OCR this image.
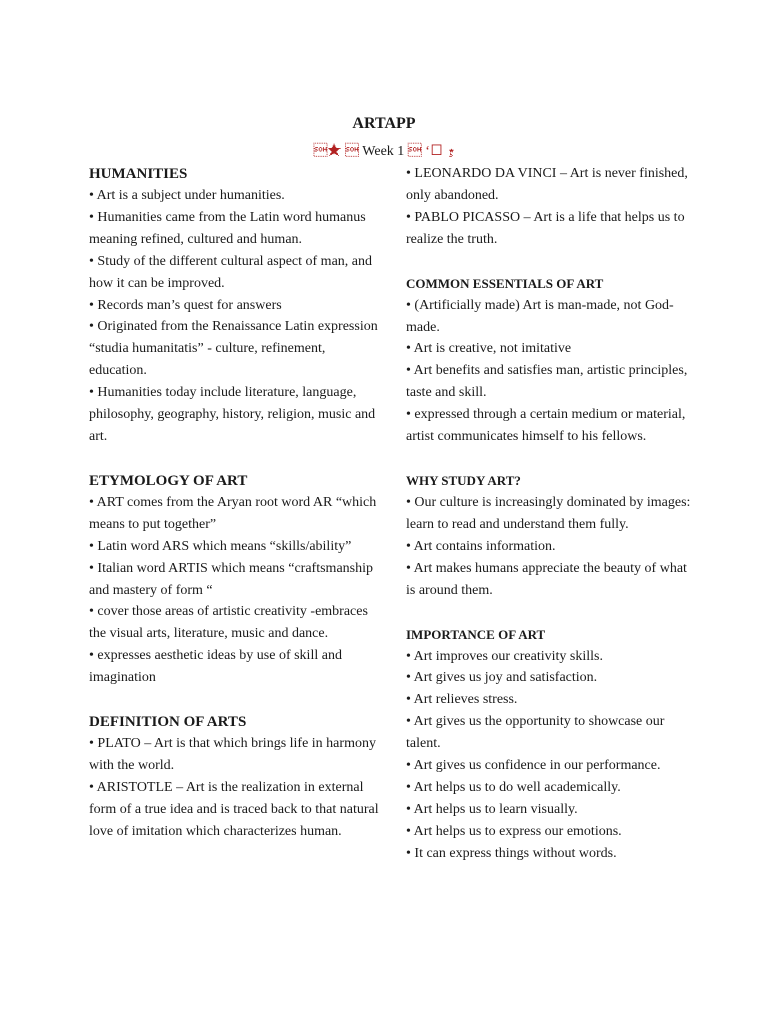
ARTAPP
★  Week 1  ʻ☐ ⋆̧

HUMANITIES

• Art is a subject under humanities.

• Humanities came from the Latin word humanus meaning refined, cultured and human.

• Study of the different cultural aspect of man, and how it can be improved.

• Records man’s quest for answers

• Originated from the Renaissance Latin expression “studia humanitatis” - culture, refinement, education.

• Humanities today include literature, language, philosophy, geography, history, religion, music and art.

ETYMOLOGY OF ART

• ART comes from the Aryan root word AR “which means to put together”

• Latin word ARS which means “skills/ability”

• Italian word ARTIS which means “craftsmanship and mastery of form “

• cover those areas of artistic creativity -embraces the visual arts, literature, music and dance.

• expresses aesthetic ideas by use of skill and imagination

DEFINITION OF ARTS

• PLATO – Art is that which brings life in harmony with the world.

• ARISTOTLE – Art is the realization in external form of a true idea and is traced back to that natural love of imitation which characterizes human.

• LEONARDO DA VINCI – Art is never finished, only abandoned.

• PABLO PICASSO – Art is a life that helps us to realize the truth.

COMMON ESSENTIALS OF ART

• (Artificially made) Art is man-made, not God-made.

• Art is creative, not imitative

• Art benefits and satisfies man, artistic principles, taste and skill.

• expressed through a certain medium or material, artist communicates himself to his fellows.

WHY STUDY ART?

• Our culture is increasingly dominated by images: learn to read and understand them fully.

• Art contains information.

• Art makes humans appreciate the beauty of what is around them.

IMPORTANCE OF ART

• Art improves our creativity skills.

• Art gives us joy and satisfaction.

• Art relieves stress.

• Art gives us the opportunity to showcase our talent.

• Art gives us confidence in our performance.

• Art helps us to do well academically.

• Art helps us to learn visually.

• Art helps us to express our emotions.

• It can express things without words.
